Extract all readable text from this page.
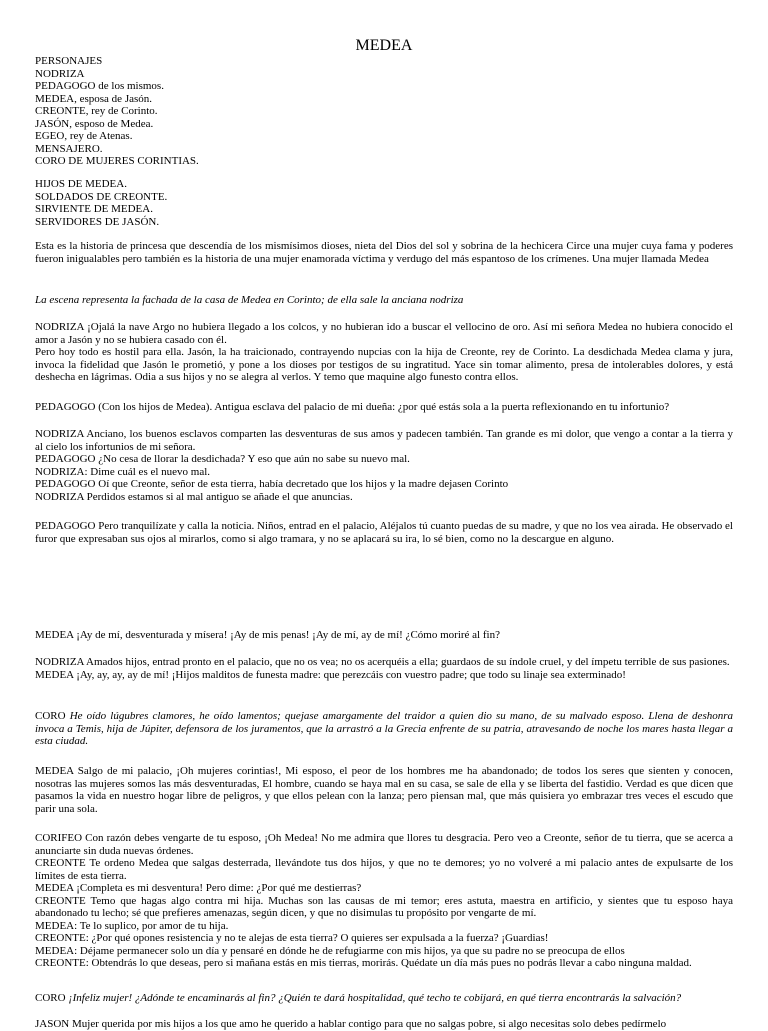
MEDEA
PERSONAJES
NODRIZA
PEDAGOGO de los mismos.
MEDEA, esposa de Jasón.
CREONTE, rey de Corinto.
JASÓN, esposo de Medea.
EGEO, rey de Atenas.
MENSAJERO.
CORO DE MUJERES CORINTIAS.
HIJOS DE MEDEA.
SOLDADOS DE CREONTE.
SIRVIENTE DE MEDEA.
SERVIDORES DE JASÓN.

Esta es la historia de princesa que descendía de los mismísimos dioses, nieta del Dios del sol y sobrina de la hechicera Circe una mujer cuya fama y poderes fueron inigualables pero también es la historia de una mujer enamorada víctima y verdugo del más espantoso de los crímenes. Una mujer llamada Medea

La escena representa la fachada de la casa de Medea en Corinto; de ella sale la anciana nodriza

NODRIZA ¡Ojalá la nave Argo no hubiera llegado a los colcos, y no hubieran ido a buscar el vellocino de oro. Así mi señora Medea no hubiera conocido el amor a Jasón y no se hubiera casado con él.
Pero hoy todo es hostil para ella. Jasón, la ha traicionado, contrayendo nupcias con la hija de Creonte, rey de Corinto. La desdichada Medea clama y jura, invoca la fidelidad que Jasón le prometió, y pone a los dioses por testigos de su ingratitud. Yace sin tomar alimento, presa de intolerables dolores, y está deshecha en lágrimas. Odia a sus hijos y no se alegra al verlos. Y temo que maquine algo funesto contra ellos.

PEDAGOGO (Con los hijos de Medea). Antigua esclava del palacio de mi dueña: ¿por qué estás sola a la puerta reflexionando en tu infortunio?

NODRIZA Anciano, los buenos esclavos comparten las desventuras de sus amos y padecen también. Tan grande es mi dolor, que vengo a contar a la tierra y al cielo los infortunios de mi señora.
PEDAGOGO ¿No cesa de llorar la desdichada? Y eso que aún no sabe su nuevo mal.
NODRIZA: Dime cuál es el nuevo mal.
PEDAGOGO Oí que Creonte, señor de esta tierra, había decretado que los hijos y la madre dejasen Corinto
NODRIZA Perdidos estamos si al mal antiguo se añade el que anuncias.

PEDAGOGO Pero tranquilízate y calla la noticia. Niños, entrad en el palacio, Aléjalos tú cuanto puedas de su madre, y que no los vea airada. He observado el furor que expresaban sus ojos al mirarlos, como si algo tramara, y no se aplacará su ira, lo sé bien, como no la descargue en alguno.

MEDEA ¡Ay de mí, desventurada y mísera! ¡Ay de mis penas! ¡Ay de mí, ay de mí! ¿Cómo moriré al fin?

NODRIZA Amados hijos, entrad pronto en el palacio, que no os vea; no os acerquéis a ella; guardaos de su índole cruel, y del ímpetu terrible de sus pasiones.
MEDEA ¡Ay, ay, ay, ay de mí! ¡Hijos malditos de funesta madre: que perezcáis con vuestro padre; que todo su linaje sea exterminado!

CORO He oído lúgubres clamores, he oído lamentos; quejase amargamente del traidor a quien dio su mano, de su malvado esposo. Llena de deshonra invoca a Temis, hija de Júpiter, defensora de los juramentos, que la arrastró a la Grecia enfrente de su patria, atravesando de noche los mares hasta llegar a esta ciudad.

MEDEA Salgo de mi palacio, ¡Oh mujeres corintias!, Mi esposo, el peor de los hombres me ha abandonado; de todos los seres que sienten y conocen, nosotras las mujeres somos las más desventuradas, El hombre, cuando se haya mal en su casa, se sale de ella y se liberta del fastidio. Verdad es que dicen que pasamos la vida en nuestro hogar libre de peligros, y que ellos pelean con la lanza; pero piensan mal, que más quisiera yo embrazar tres veces el escudo que parir una sola.

CORIFEO Con razón debes vengarte de tu esposo, ¡Oh Medea! No me admira que llores tu desgracia. Pero veo a Creonte, señor de tu tierra, que se acerca a anunciarte sin duda nuevas órdenes.
CREONTE Te ordeno Medea que salgas desterrada, llevándote tus dos hijos, y que no te demores; yo no volveré a mi palacio antes de expulsarte de los límites de esta tierra.
MEDEA ¡Completa es mi desventura! Pero dime: ¿Por qué me destierras?
CREONTE Temo que hagas algo contra mi hija. Muchas son las causas de mi temor; eres astuta, maestra en artificio, y sientes que tu esposo haya abandonado tu lecho; sé que prefieres amenazas, según dicen, y que no disimulas tu propósito por vengarte de mí.
MEDEA: Te lo suplico, por amor de tu hija.
CREONTE: ¿Por qué opones resistencia y no te alejas de esta tierra? O quieres ser expulsada a la fuerza? ¡Guardias!
MEDEA: Déjame permanecer solo un día y pensaré en dónde he de refugiarme con mis hijos, ya que su padre no se preocupa de ellos
CREONTE: Obtendrás lo que deseas, pero si mañana estás en mis tierras, morirás. Quédate un día más pues no podrás llevar a cabo ninguna maldad.

CORO ¡Infeliz mujer! ¿Adónde te encaminarás al fin? ¿Quién te dará hospitalidad, qué techo te cobijará, en qué tierra encontrarás la salvación?

JASON Mujer querida por mis hijos a los que amo he querido a hablar contigo para que no salgas pobre, si algo necesitas solo debes pedírmelo
